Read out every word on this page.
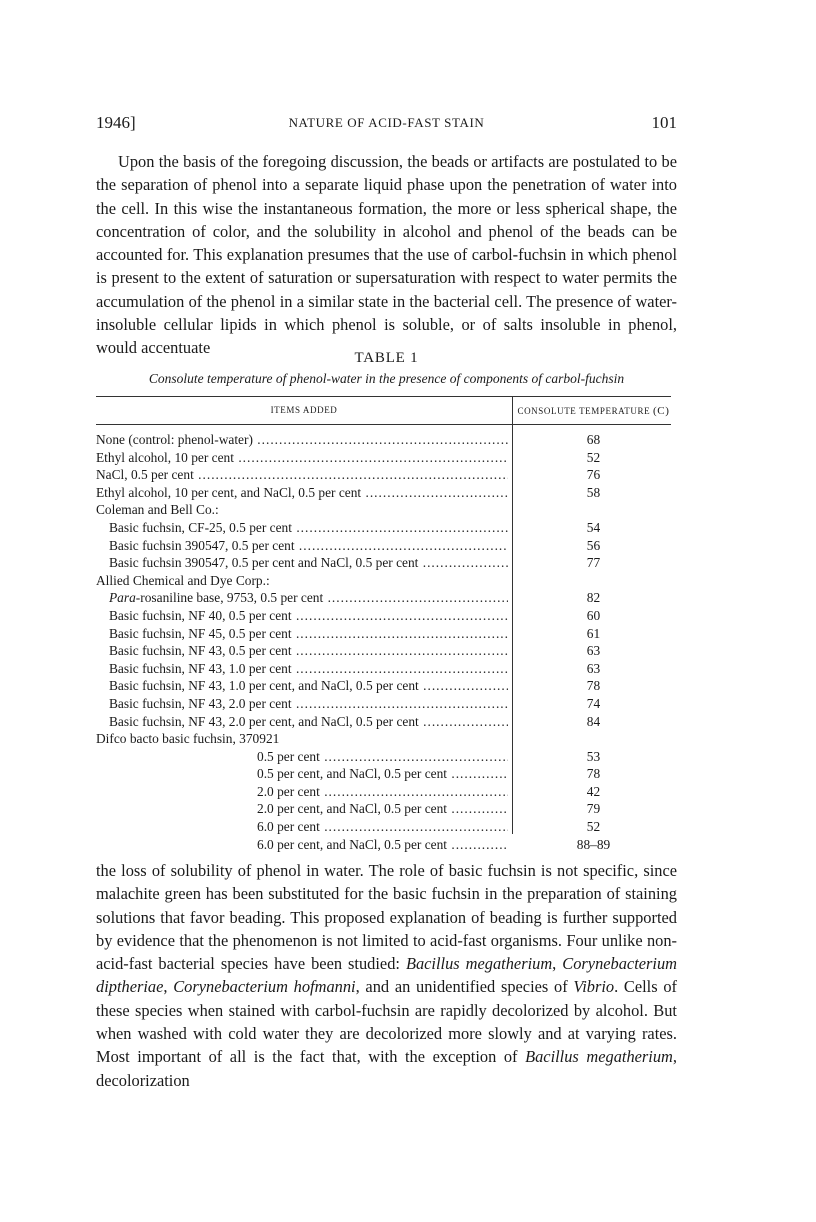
1946]	NATURE OF ACID-FAST STAIN	101
Upon the basis of the foregoing discussion, the beads or artifacts are postulated to be the separation of phenol into a separate liquid phase upon the penetration of water into the cell. In this wise the instantaneous formation, the more or less spherical shape, the concentration of color, and the solubility in alcohol and phenol of the beads can be accounted for. This explanation presumes that the use of carbol-fuchsin in which phenol is present to the extent of saturation or supersaturation with respect to water permits the accumulation of the phenol in a similar state in the bacterial cell. The presence of water-insoluble cellular lipids in which phenol is soluble, or of salts insoluble in phenol, would accentuate
TABLE 1
Consolute temperature of phenol-water in the presence of components of carbol-fuchsin
ITEMS ADDED	CONSOLUTE TEMPERATURE (C)
None (control: phenol-water) .....	68
Ethyl alcohol, 10 per cent .....	52
NaCl, 0.5 per cent .....	76
Ethyl alcohol, 10 per cent, and NaCl, 0.5 per cent .....	58
Coleman and Bell Co.:
Basic fuchsin, CF-25, 0.5 per cent .....	54
Basic fuchsin 390547, 0.5 per cent .....	56
Basic fuchsin 390547, 0.5 per cent and NaCl, 0.5 per cent .....	77
Allied Chemical and Dye Corp.:
Para-rosaniline base, 9753, 0.5 per cent .....	82
Basic fuchsin, NF 40, 0.5 per cent .....	60
Basic fuchsin, NF 45, 0.5 per cent .....	61
Basic fuchsin, NF 43, 0.5 per cent .....	63
Basic fuchsin, NF 43, 1.0 per cent .....	63
Basic fuchsin, NF 43, 1.0 per cent, and NaCl, 0.5 per cent .....	78
Basic fuchsin, NF 43, 2.0 per cent .....	74
Basic fuchsin, NF 43, 2.0 per cent, and NaCl, 0.5 per cent .....	84
Difco bacto basic fuchsin, 370921
0.5 per cent .....	53
0.5 per cent, and NaCl, 0.5 per cent .....	78
2.0 per cent .....	42
2.0 per cent, and NaCl, 0.5 per cent .....	79
6.0 per cent .....	52
6.0 per cent, and NaCl, 0.5 per cent .....	88–89
the loss of solubility of phenol in water. The role of basic fuchsin is not specific, since malachite green has been substituted for the basic fuchsin in the preparation of staining solutions that favor beading. This proposed explanation of beading is further supported by evidence that the phenomenon is not limited to acid-fast organisms. Four unlike non-acid-fast bacterial species have been studied: Bacillus megatherium, Corynebacterium diptheriae, Corynebacterium hofmanni, and an unidentified species of Vibrio. Cells of these species when stained with carbol-fuchsin are rapidly decolorized by alcohol. But when washed with cold water they are decolorized more slowly and at varying rates. Most important of all is the fact that, with the exception of Bacillus megatherium, decolorization
